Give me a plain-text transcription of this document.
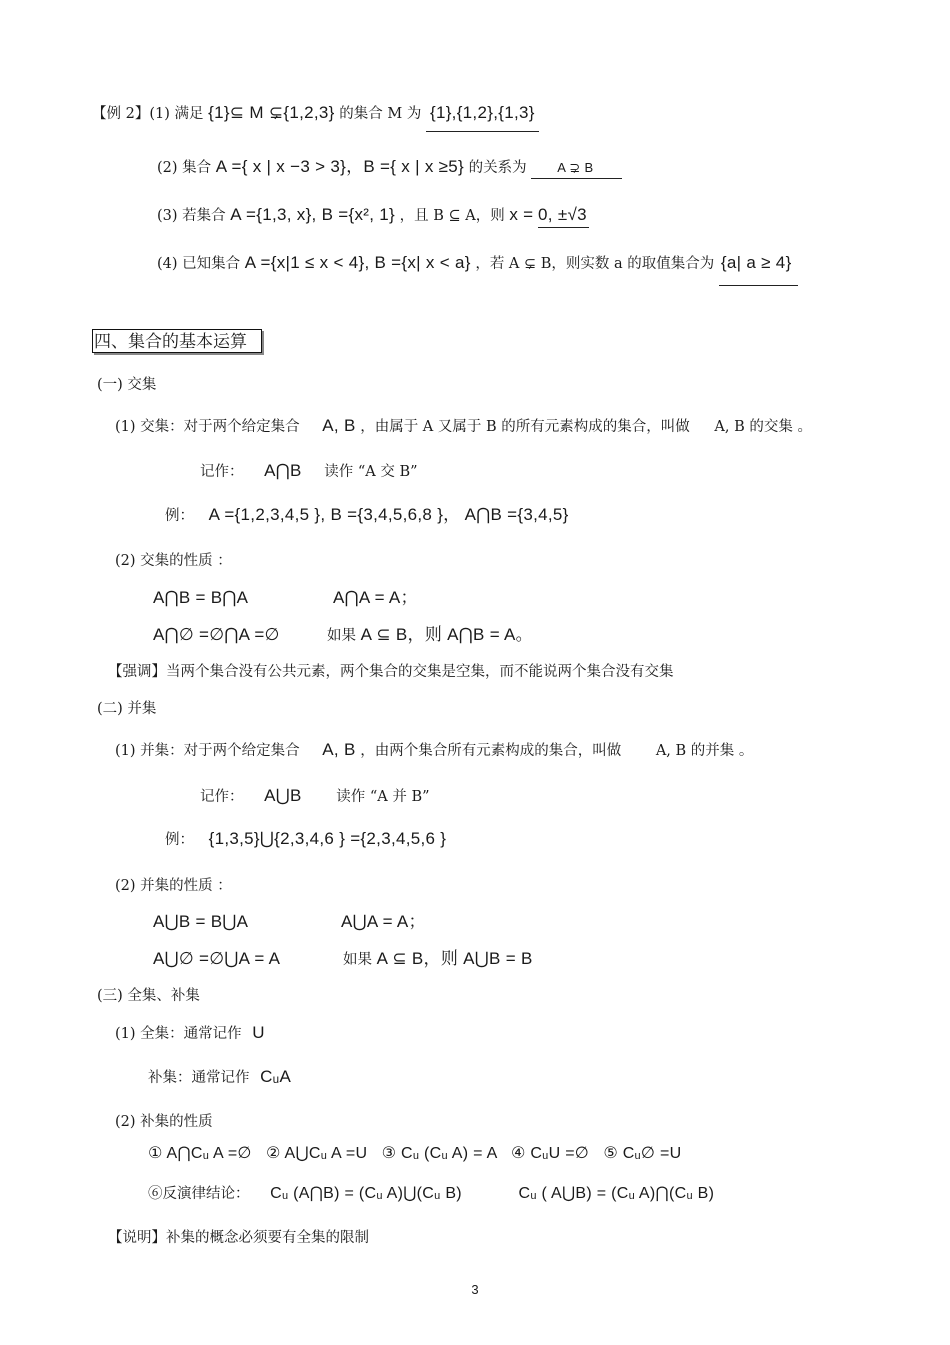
【例 2】(1) 满足 {1}⊆ M ⊊{1,2,3} 的集合 M 为 {1},{1,2},{1,3}
(2) 集合 A ={ x | x −3 > 3}，B ={ x | x ≥5} 的关系为 A ⊋ B
(3) 若集合 A ={1,3, x}, B ={x², 1} ，且 B ⊆ A，则 x = 0, ±√3
(4) 已知集合 A ={x|1 ≤ x < 4}, B ={x| x < a} ，若 A ⊊ B，则实数 a 的取值集合为 {a| a ≥ 4}
四、集合的基本运算
(一) 交集
(1) 交集：对于两个给定集合 A, B ，由属于 A 又属于 B 的所有元素构成的集合，叫做 A, B 的交集 。
记作： A⋂B 读作 “A 交 B”
例： A ={1,2,3,4,5 }, B ={3,4,5,6,8 }， A⋂B ={3,4,5}
(2) 交集的性质 ：
A⋂B = B⋂A	A⋂A = A；
A⋂∅ =∅⋂A =∅	如果 A ⊆ B，则 A⋂B = A。
【强调】当两个集合没有公共元素，两个集合的交集是空集，而不能说两个集合没有交集
(二) 并集
(1) 并集：对于两个给定集合 A, B ，由两个集合所有元素构成的集合，叫做 A, B 的并集 。
记作： A⋃B 读作 “A 并 B”
例： {1,3,5}⋃{2,3,4,6 } ={2,3,4,5,6 }
(2) 并集的性质 ：
A⋃B = B⋃A	A⋃A = A；
A⋃∅ =∅⋃A = A	如果 A ⊆ B，则 A⋃B = B
(三) 全集、补集
(1) 全集：通常记作 U
补集：通常记作 CᵤA
(2) 补集的性质
① A⋂Cᵤ A =∅   ② A⋃Cᵤ A =U   ③ Cᵤ (Cᵤ A) = A   ④ CᵤU =∅   ⑤ Cᵤ∅ =U
⑥反演律结论： Cᵤ (A⋂B) = (Cᵤ A)⋃(Cᵤ B)	Cᵤ ( A⋃B) = (Cᵤ A)⋂(Cᵤ B)
【说明】补集的概念必须要有全集的限制
3
